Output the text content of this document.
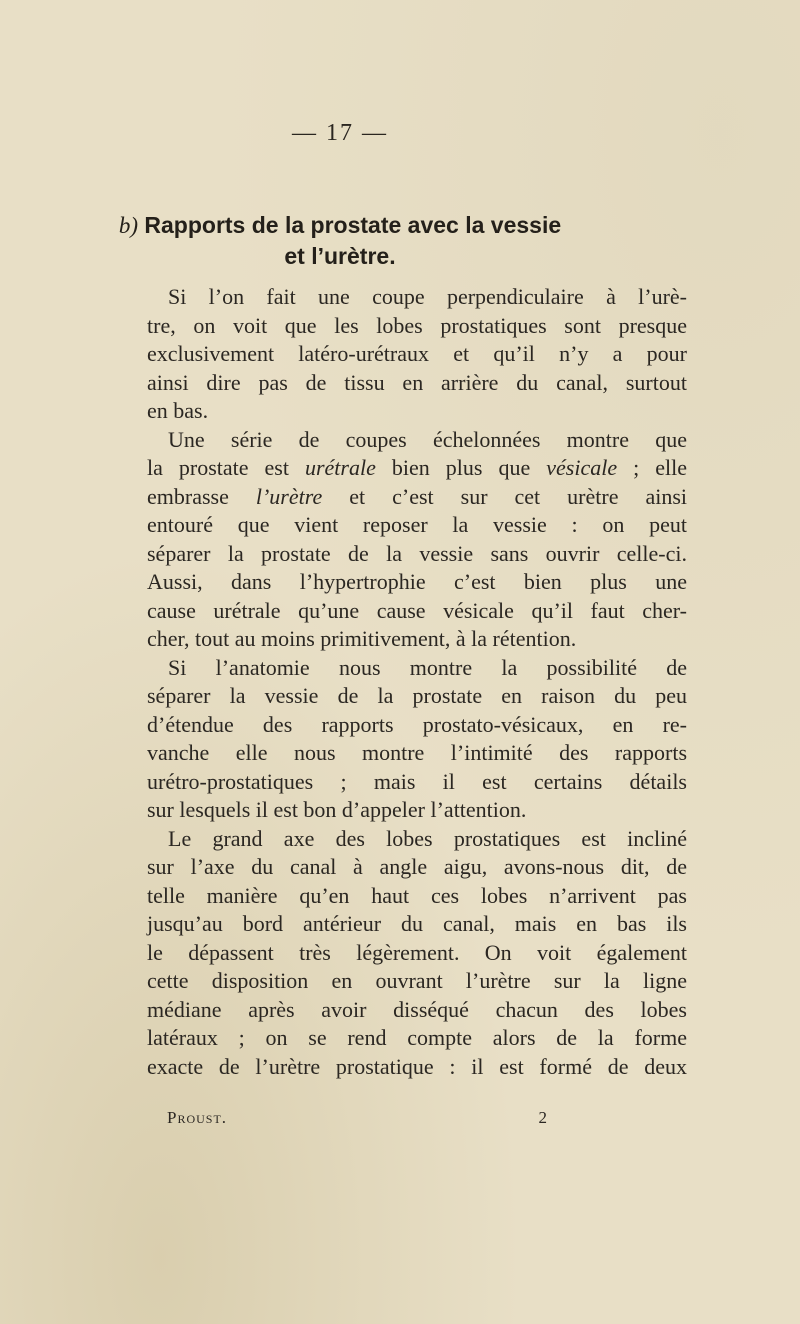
— 17 —
b) Rapports de la prostate avec la vessie
et l’urètre.
Si l’on fait une coupe perpendiculaire à l’urè-
tre, on voit que les lobes prostatiques sont presque
exclusivement latéro-urétraux et qu’il n’y a pour
ainsi dire pas de tissu en arrière du canal, surtout
en bas.
Une série de coupes échelonnées montre que
la prostate est urétrale bien plus que vésicale ; elle
embrasse l’urètre et c’est sur cet urètre ainsi
entouré que vient reposer la vessie : on peut
séparer la prostate de la vessie sans ouvrir celle-ci.
Aussi, dans l’hypertrophie c’est bien plus une
cause urétrale qu’une cause vésicale qu’il faut cher-
cher, tout au moins primitivement, à la rétention.
Si l’anatomie nous montre la possibilité de
séparer la vessie de la prostate en raison du peu
d’étendue des rapports prostato-vésicaux, en re-
vanche elle nous montre l’intimité des rapports
urétro-prostatiques ; mais il est certains détails
sur lesquels il est bon d’appeler l’attention.
Le grand axe des lobes prostatiques est incliné
sur l’axe du canal à angle aigu, avons-nous dit, de
telle manière qu’en haut ces lobes n’arrivent pas
jusqu’au bord antérieur du canal, mais en bas ils
le dépassent très légèrement. On voit également
cette disposition en ouvrant l’urètre sur la ligne
médiane après avoir disséqué chacun des lobes
latéraux ; on se rend compte alors de la forme
exacte de l’urètre prostatique : il est formé de deux
Proust.	2
